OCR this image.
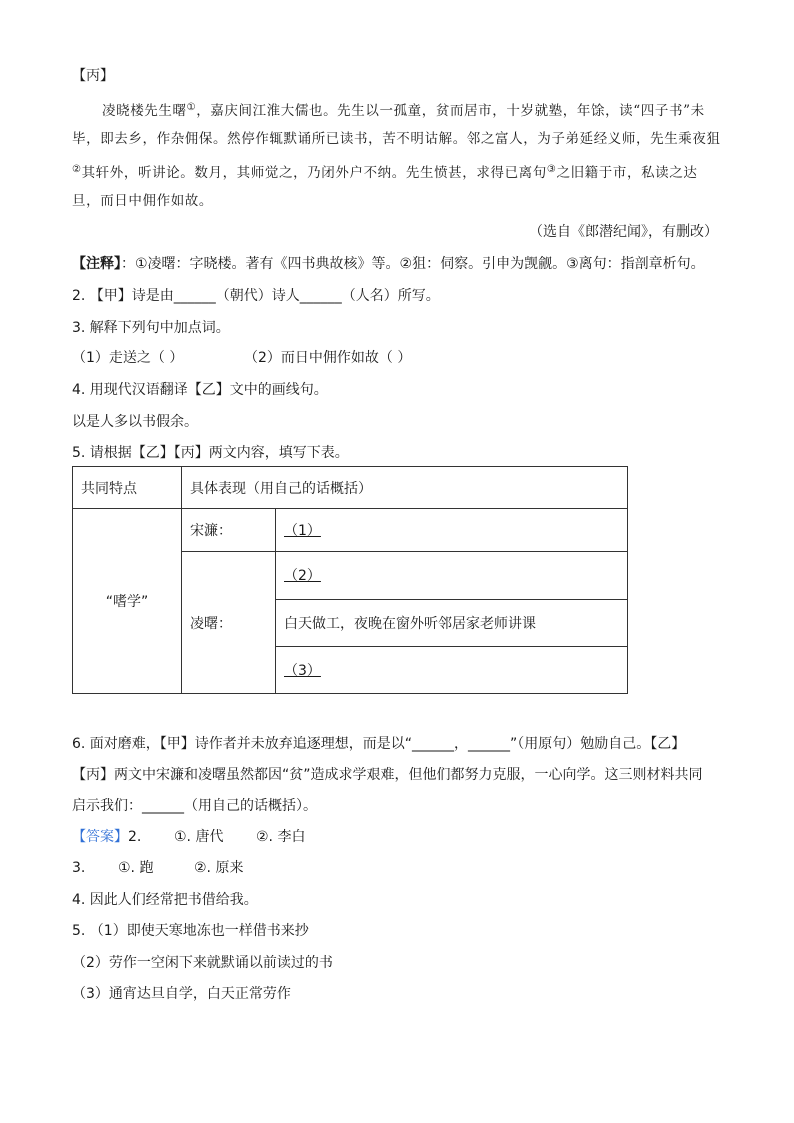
【丙】
凌晓楼先生曙①，嘉庆间江淮大儒也。先生以一孤童，贫而居市，十岁就塾，年馀，读“四子书”未
毕，即去乡，作杂佣保。然停作辄默诵所已读书，苦不明诂解。邻之富人，为子弟延经义师，先生乘夜狙
②其轩外，听讲论。数月，其师觉之，乃闭外户不纳。先生愤甚，求得已离句③之旧籍于市，私读之达
旦，而日中佣作如故。
（选自《郎潜纪闻》，有删改）
【注释】：①凌曙：字晓楼。著有《四书典故核》等。②狙：伺察。引申为觊觎。③离句：指剖章析句。
2. 【甲】诗是由______（朝代）诗人______（人名）所写。
3. 解释下列句中加点词。
（1）走送之（ ）	（2）而日中佣作如故（ ）
4. 用现代汉语翻译【乙】文中的画线句。
以是人多以书假余。
5. 请根据【乙】【丙】两文内容，填写下表。
共同特点	具体表现（用自己的话概括）	
“嗜学”	宋濂：	（1）
	凌曙：	（2）
		白天做工，夜晚在窗外听邻居家老师讲课
		（3）
6. 面对磨难，【甲】诗作者并未放弃追逐理想，而是以“______，______”（用原句）勉励自己。【乙】
【丙】两文中宋濂和凌曙虽然都因“贫”造成求学艰难，但他们都努力克服，一心向学。这三则材料共同
启示我们：______（用自己的话概括）。
【答案】2. ①. 唐代 ②. 李白
3. ①. 跑	②. 原来
4. 因此人们经常把书借给我。
5. （1）即使天寒地冻也一样借书来抄
（2）劳作一空闲下来就默诵以前读过的书
（3）通宵达旦自学，白天正常劳作
